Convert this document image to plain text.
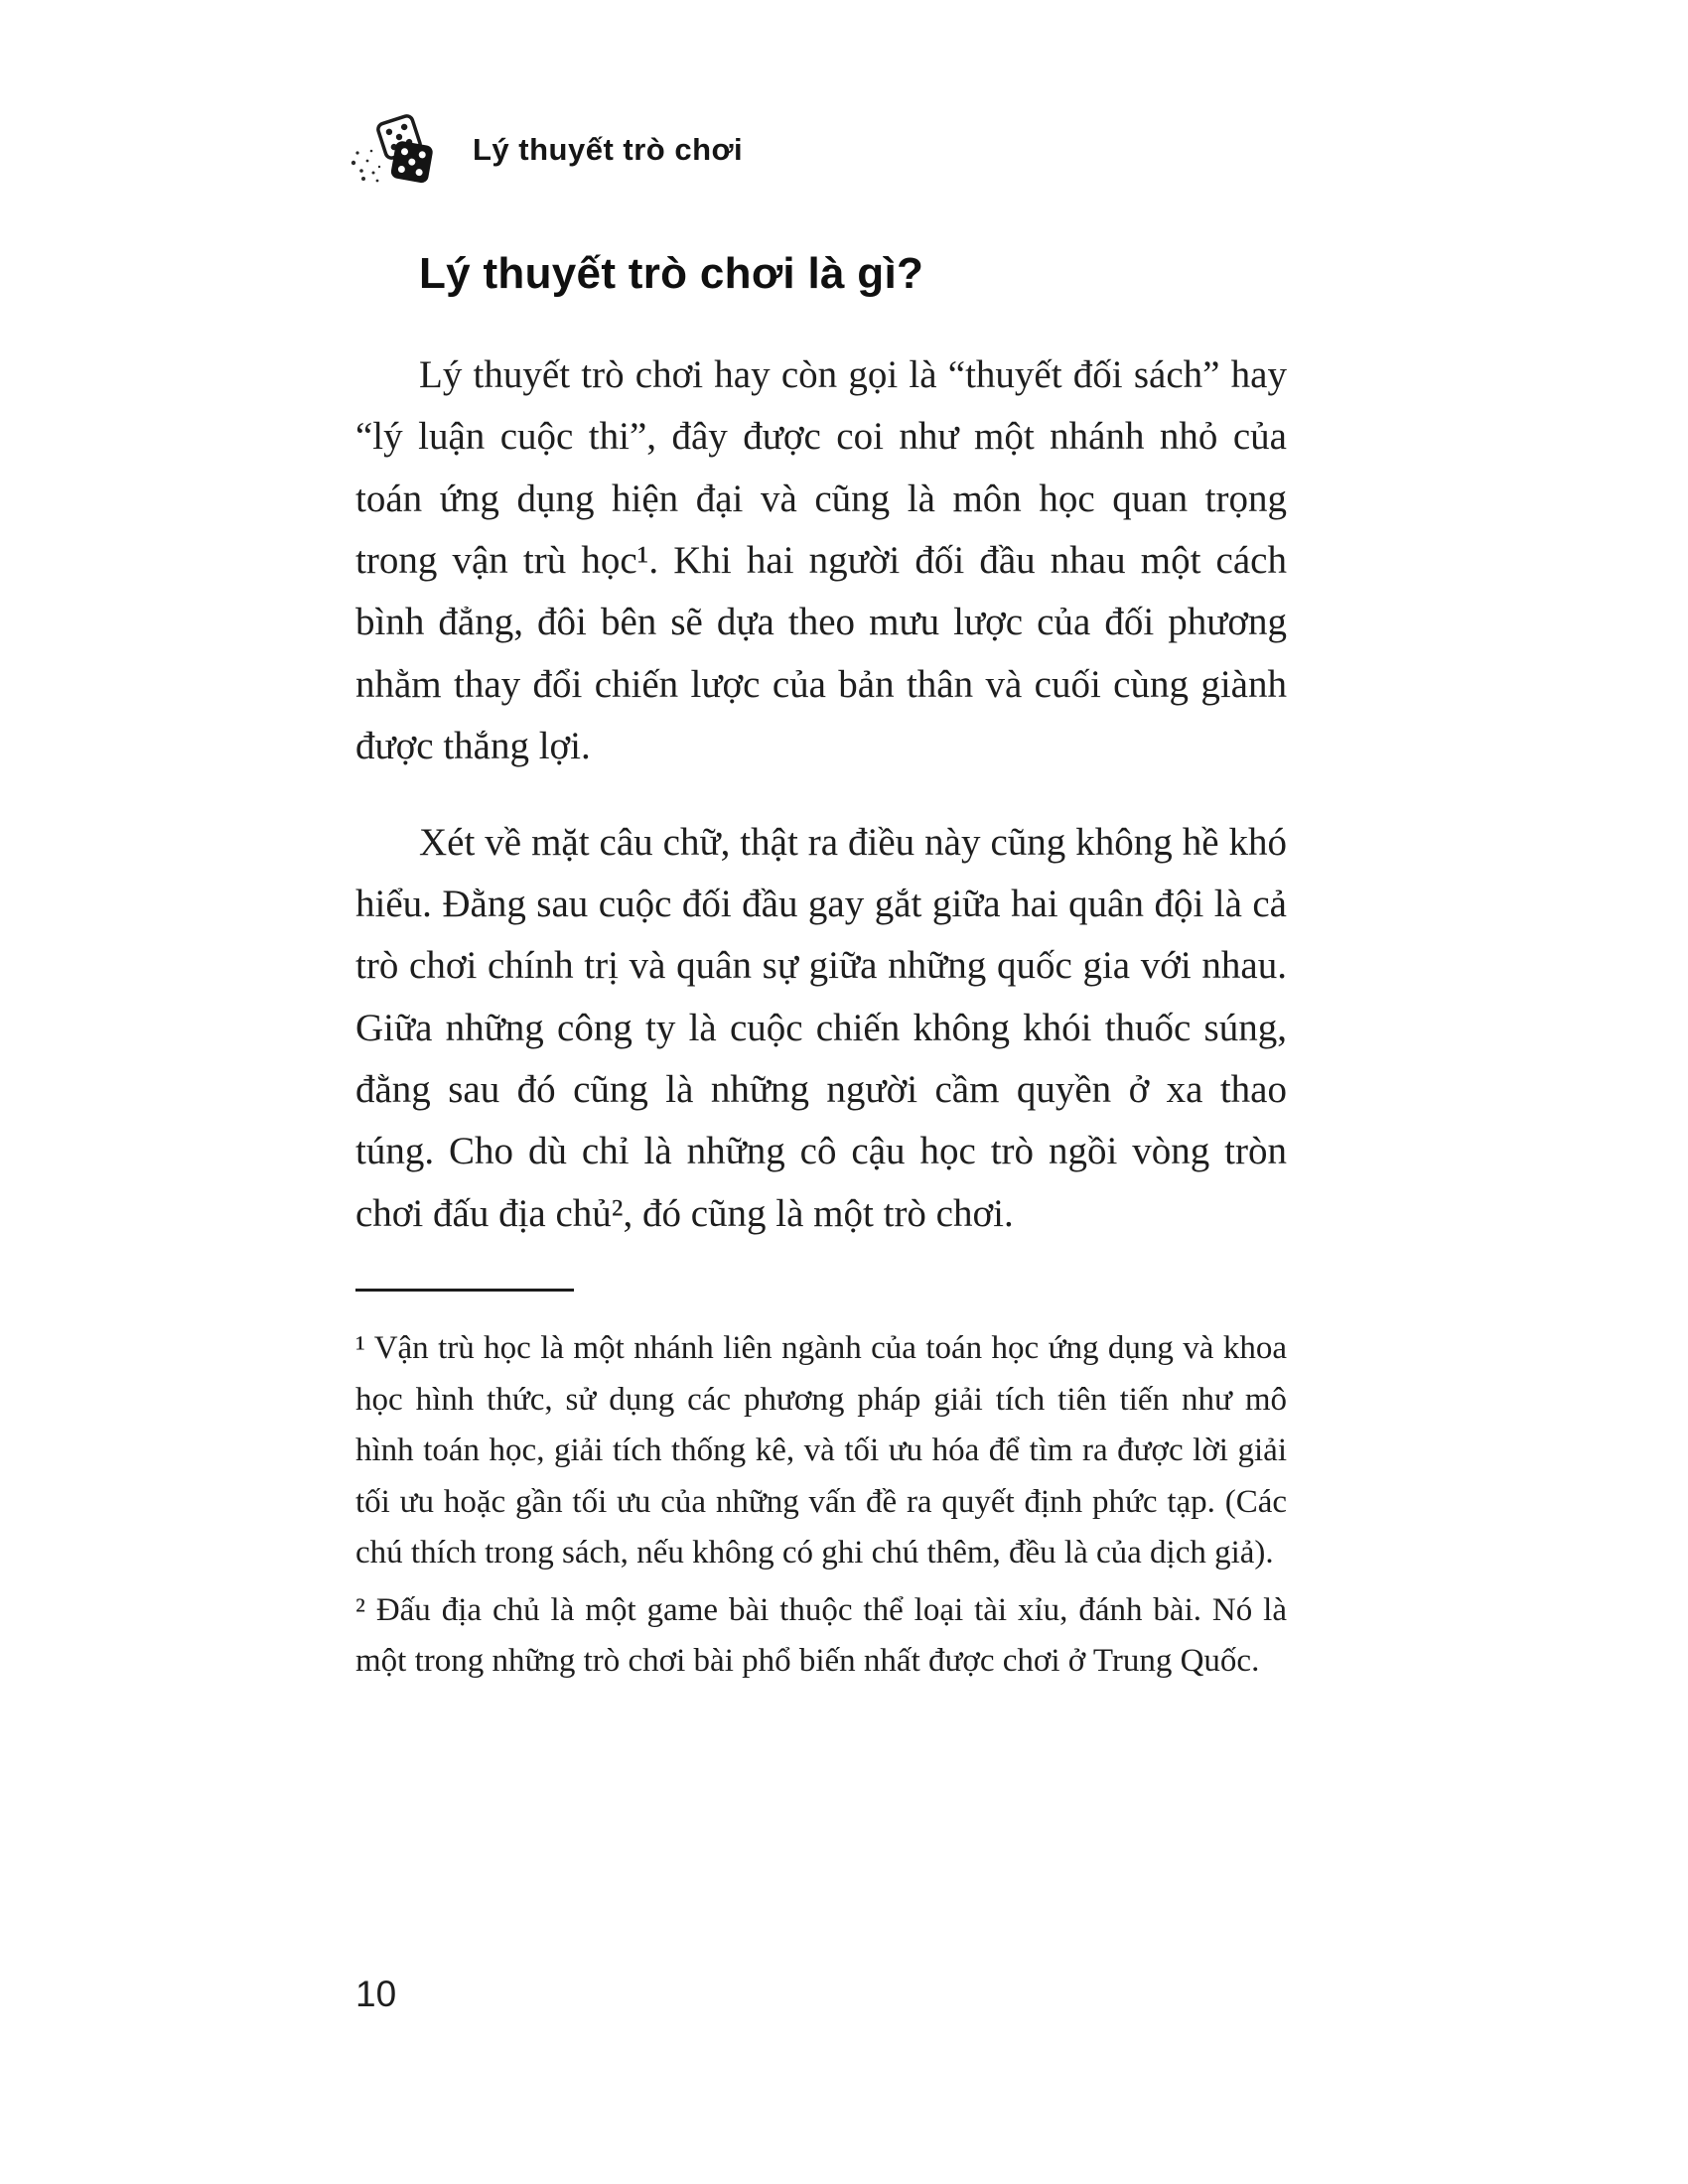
Lý thuyết trò chơi
Lý thuyết trò chơi là gì?

Lý thuyết trò chơi hay còn gọi là “thuyết đối sách” hay “lý luận cuộc thi”, đây được coi như một nhánh nhỏ của toán ứng dụng hiện đại và cũng là môn học quan trọng trong vận trù học¹. Khi hai người đối đầu nhau một cách bình đẳng, đôi bên sẽ dựa theo mưu lược của đối phương nhằm thay đổi chiến lược của bản thân và cuối cùng giành được thắng lợi.

Xét về mặt câu chữ, thật ra điều này cũng không hề khó hiểu. Đằng sau cuộc đối đầu gay gắt giữa hai quân đội là cả trò chơi chính trị và quân sự giữa những quốc gia với nhau. Giữa những công ty là cuộc chiến không khói thuốc súng, đằng sau đó cũng là những người cầm quyền ở xa thao túng. Cho dù chỉ là những cô cậu học trò ngồi vòng tròn chơi đấu địa chủ², đó cũng là một trò chơi.

¹ Vận trù học là một nhánh liên ngành của toán học ứng dụng và khoa học hình thức, sử dụng các phương pháp giải tích tiên tiến như mô hình toán học, giải tích thống kê, và tối ưu hóa để tìm ra được lời giải tối ưu hoặc gần tối ưu của những vấn đề ra quyết định phức tạp. (Các chú thích trong sách, nếu không có ghi chú thêm, đều là của dịch giả).

² Đấu địa chủ là một game bài thuộc thể loại tài xỉu, đánh bài. Nó là một trong những trò chơi bài phổ biến nhất được chơi ở Trung Quốc.

10
